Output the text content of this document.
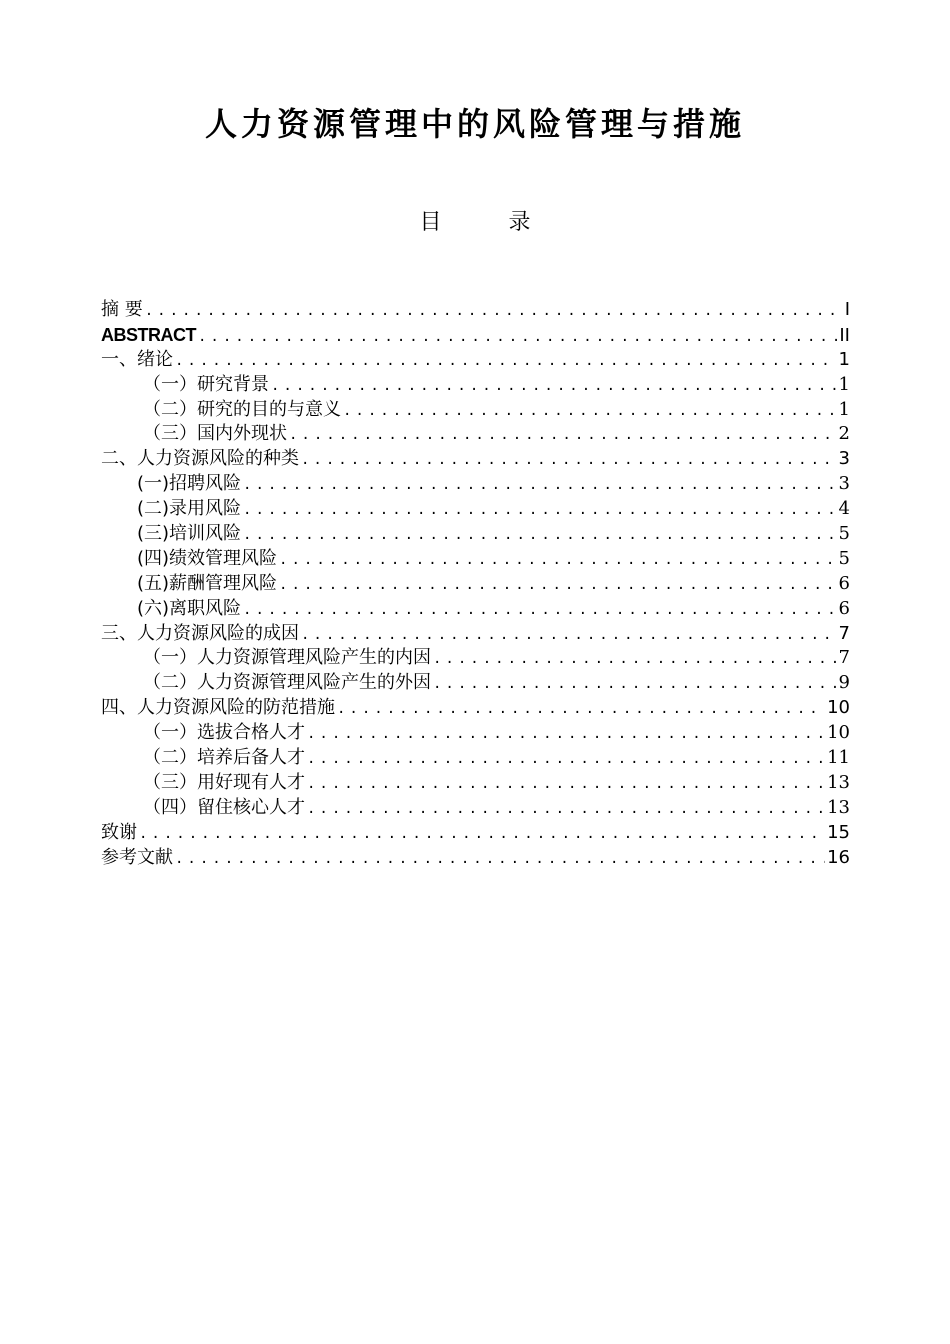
人力资源管理中的风险管理与措施
目 录
摘 要 .....	I
ABSTRACT .....	II
一、绪论 .....	1
（一）研究背景 .....	1
（二）研究的目的与意义 .....	1
（三）国内外现状 .....	2
二、人力资源风险的种类 .....	3
(一)招聘风险 .....	3
(二)录用风险 .....	4
(三)培训风险 .....	5
(四)绩效管理风险 .....	5
(五)薪酬管理风险 .....	6
(六)离职风险 .....	6
三、人力资源风险的成因 .....	7
（一）人力资源管理风险产生的内因 .....	7
（二）人力资源管理风险产生的外因 .....	9
四、人力资源风险的防范措施 .....	10
（一）选拔合格人才 .....	10
（二）培养后备人才 .....	11
（三）用好现有人才 .....	13
（四）留住核心人才 .....	13
致谢 .....	15
参考文献 .....	16
